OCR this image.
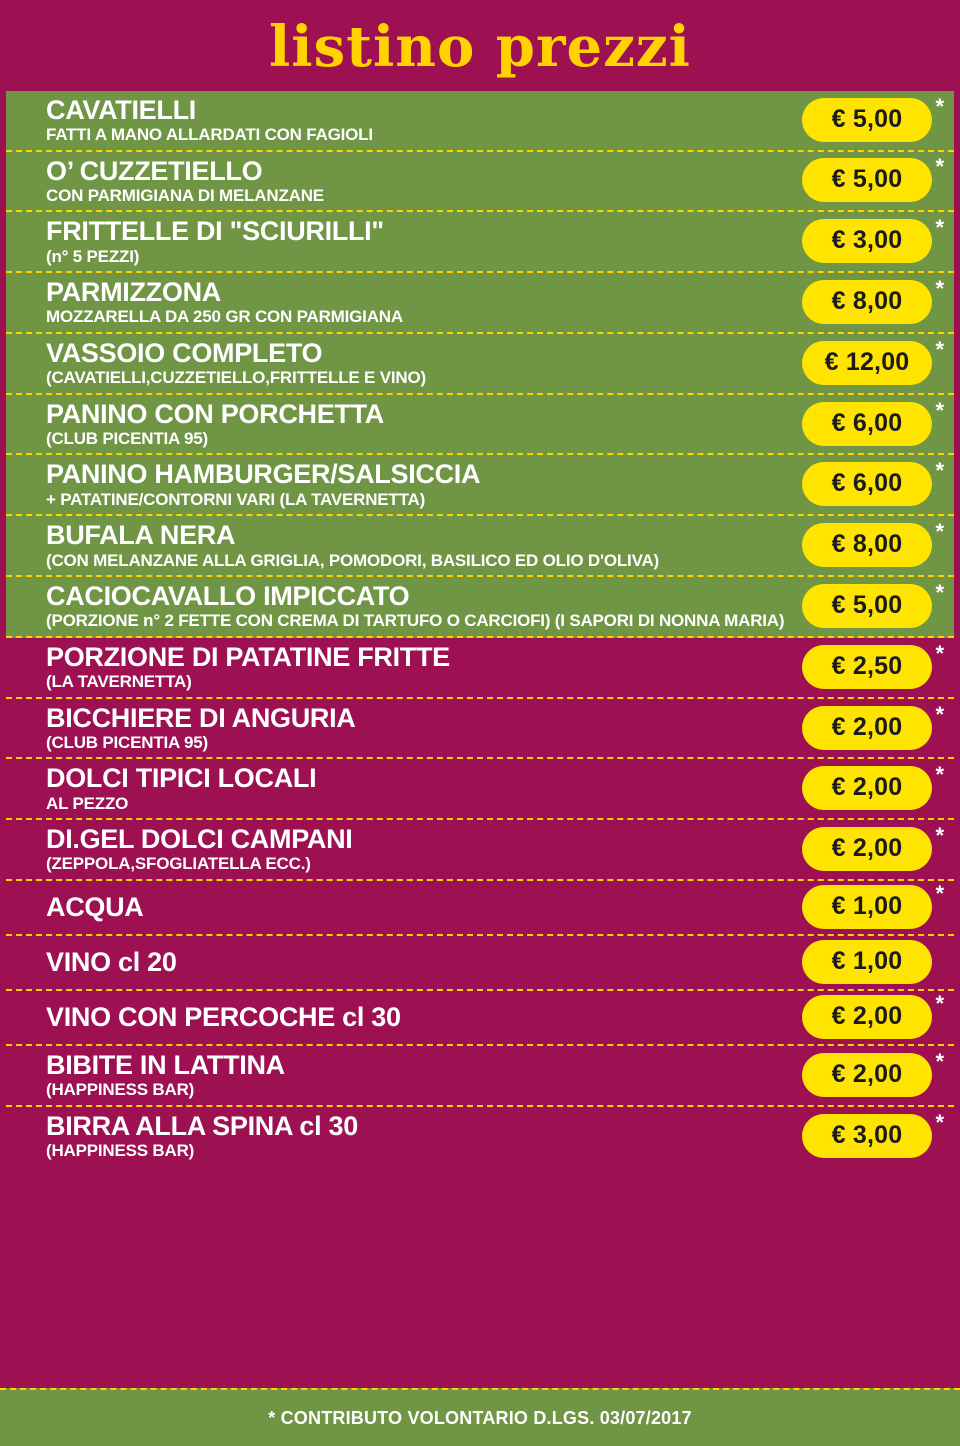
listino prezzi
CAVATIELLI
FATTI A MANO ALLARDATI CON FAGIOLI
€ 5,00 *
O’ CUZZETIELLO
CON PARMIGIANA DI MELANZANE
€ 5,00 *
FRITTELLE DI "SCIURILLI"
(n° 5 PEZZI)
€ 3,00 *
PARMIZZONA
MOZZARELLA DA 250 GR CON PARMIGIANA
€ 8,00 *
VASSOIO COMPLETO
(CAVATIELLI,CUZZETIELLO,FRITTELLE E VINO)
€ 12,00 *
PANINO CON PORCHETTA
(CLUB PICENTIA 95)
€ 6,00 *
PANINO HAMBURGER/SALSICCIA
+ PATATINE/CONTORNI VARI (LA TAVERNETTA)
€ 6,00 *
BUFALA NERA
(CON MELANZANE ALLA GRIGLIA, POMODORI, BASILICO ED OLIO D'OLIVA)
€ 8,00 *
CACIOCAVALLO IMPICCATO
(PORZIONE n° 2 FETTE CON CREMA DI TARTUFO O CARCIOFI) (I SAPORI DI NONNA MARIA)
€ 5,00 *
PORZIONE DI PATATINE FRITTE
(LA TAVERNETTA)
€ 2,50 *
BICCHIERE DI ANGURIA
(CLUB PICENTIA 95)
€ 2,00 *
DOLCI TIPICI LOCALI
AL PEZZO
€ 2,00 *
DI.GEL DOLCI CAMPANI
(ZEPPOLA,SFOGLIATELLA ECC.)
€ 2,00 *
ACQUA	€ 1,00 *
VINO cl 20	€ 1,00
VINO CON PERCOCHE cl 30	€ 2,00 *
BIBITE IN LATTINA
(HAPPINESS BAR)
€ 2,00 *
BIRRA ALLA SPINA cl 30
(HAPPINESS BAR)
€ 3,00 *
* CONTRIBUTO VOLONTARIO D.LGS. 03/07/2017
